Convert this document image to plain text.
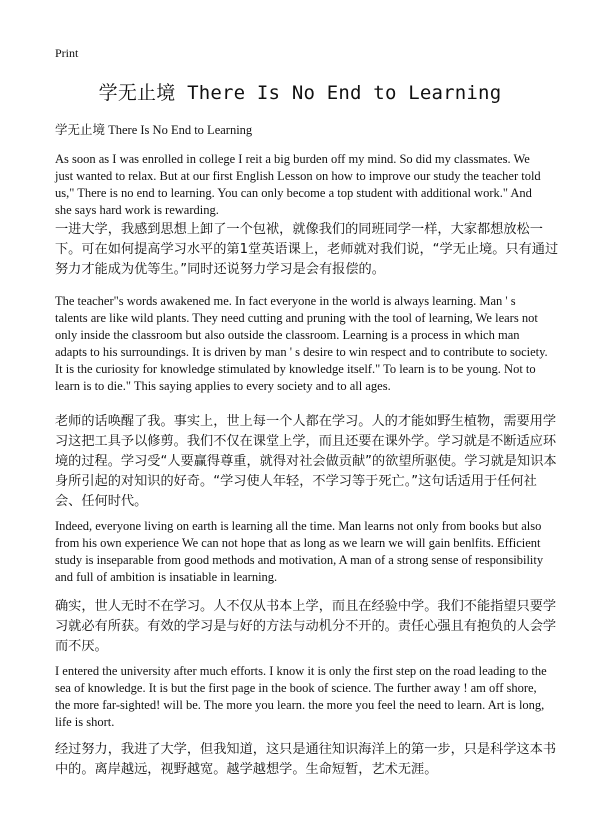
Print
学无止境 There Is No End to Learning
学无止境 There Is No End to Learning

As soon as I was enrolled in college I reit a big burden off my mind. So did my classmates. We just wanted to relax. But at our first English Lesson on how to improve our study the teacher told us," There is no end to learning. You can only become a top student with additional work." And she says hard work is rewarding.

一进大学，我感到思想上卸了一个包袱，就像我们的同班同学一样，大家都想放松一下。可在如何提高学习水平的第1堂英语课上，老师就对我们说，“学无止境。只有通过努力才能成为优等生。”同时还说努力学习是会有报偿的。

The teacher"s words awakened me. In fact everyone in the world is always learning. Man ' s talents are like wild plants. They need cutting and pruning with the tool of learning, We lears not only inside the classroom but also outside the classroom. Learning is a process in which man adapts to his surroundings. It is driven by man ' s desire to win respect and to contribute to society. It is the curiosity for knowledge stimulated by knowledge itself." To learn is to be young. Not to learn is to die." This saying applies to every society and to all ages.

老师的话唤醒了我。事实上，世上每一个人都在学习。人的才能如野生植物，需要用学习这把工具予以修剪。我们不仅在课堂上学，而且还要在课外学。学习就是不断适应环境的过程。学习受“人要赢得尊重，就得对社会做贡献”的欲望所驱使。学习就是知识本身所引起的对知识的好奇。“学习使人年轻，不学习等于死亡。”这句话适用于任何社会、任何时代。

Indeed, everyone living on earth is learning all the time. Man learns not only from books but also from his own experience We can not hope that as long as we learn we will gain benlfits. Efficient study is inseparable from good methods and motivation, A man of a strong sense of responsibility and full of ambition is insatiable in learning.

确实，世人无时不在学习。人不仅从书本上学，而且在经验中学。我们不能指望只要学习就必有所获。有效的学习是与好的方法与动机分不开的。责任心强且有抱负的人会学而不厌。

I entered the university after much efforts. I know it is only the first step on the road leading to the sea of knowledge. It is but the first page in the book of science. The further away ! am off shore, the more far-sighted! will be. The more you learn. the more you feel the need to learn. Art is long, life is short.

经过努力，我进了大学，但我知道，这只是通往知识海洋上的第一步，只是科学这本书中的。离岸越远，视野越宽。越学越想学。生命短暂，艺术无涯。
